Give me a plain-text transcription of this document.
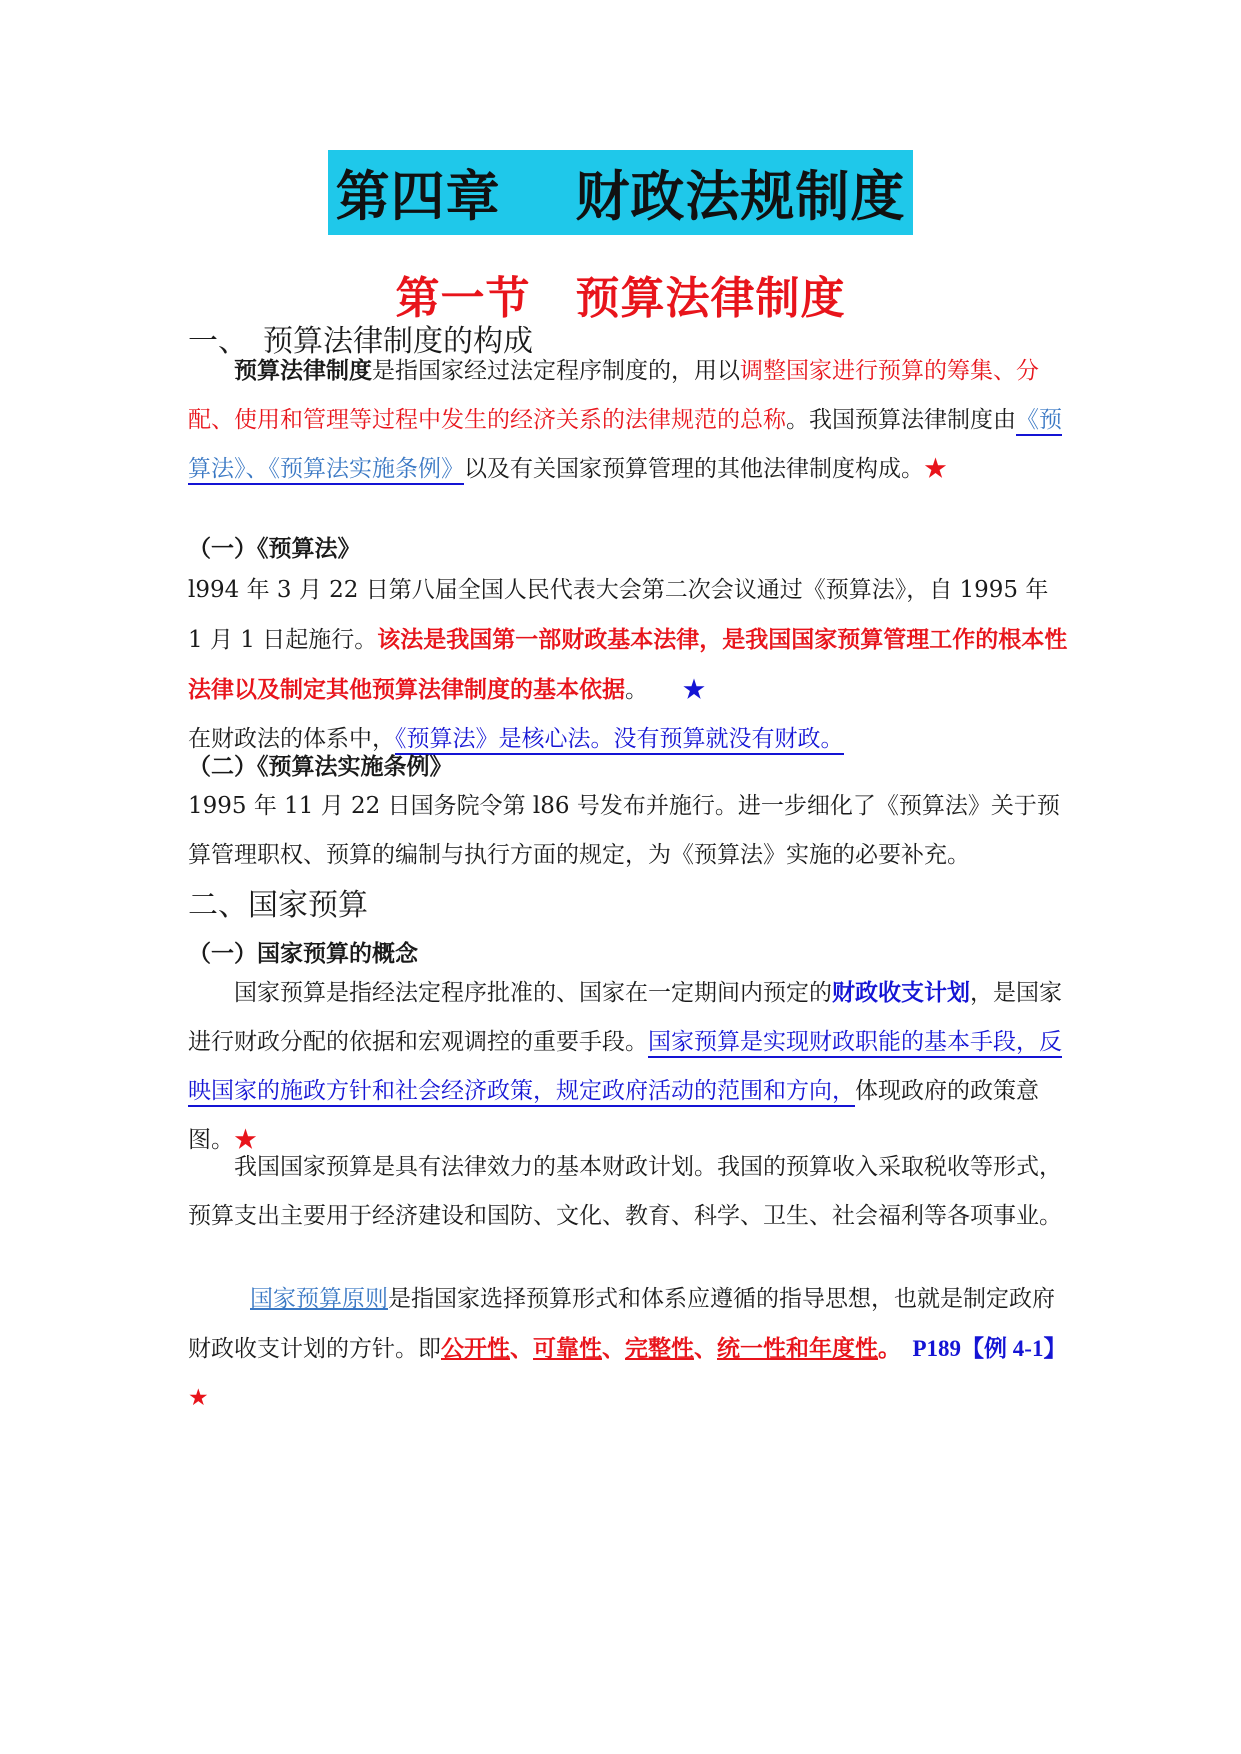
第四章　 财政法规制度
第一节　预算法律制度
一、　预算法律制度的构成
预算法律制度是指国家经过法定程序制度的，用以调整国家进行预算的筹集、分配、使用和管理等过程中发生的经济关系的法律规范的总称。我国预算法律制度由《预算法》、《预算法实施条例》以及有关国家预算管理的其他法律制度构成。★
（一）《预算法》
l994 年 3 月 22 日第八届全国人民代表大会第二次会议通过《预算法》，自 1995 年 1 月 1 日起施行。该法是我国第一部财政基本法律，是我国国家预算管理工作的根本性法律以及制定其他预算法律制度的基本依据。　　 ★
在财政法的体系中，《预算法》是核心法。没有预算就没有财政。
（二）《预算法实施条例》
1995 年 11 月 22 日国务院令第 l86 号发布并施行。进一步细化了《预算法》关于预算管理职权、预算的编制与执行方面的规定，为《预算法》实施的必要补充。
二、国家预算
（一）国家预算的概念
国家预算是指经法定程序批准的、国家在一定期间内预定的财政收支计划，是国家进行财政分配的依据和宏观调控的重要手段。国家预算是实现财政职能的基本手段，反映国家的施政方针和社会经济政策，规定政府活动的范围和方向，体现政府的政策意图。★
我国国家预算是具有法律效力的基本财政计划。我国的预算收入采取税收等形式，预算支出主要用于经济建设和国防、文化、教育、科学、卫生、社会福利等各项事业。
国家预算原则是指国家选择预算形式和体系应遵循的指导思想，也就是制定政府财政收支计划的方针。即公开性、可靠性、完整性、统一性和年度性。　 P189【例 4-1】★
